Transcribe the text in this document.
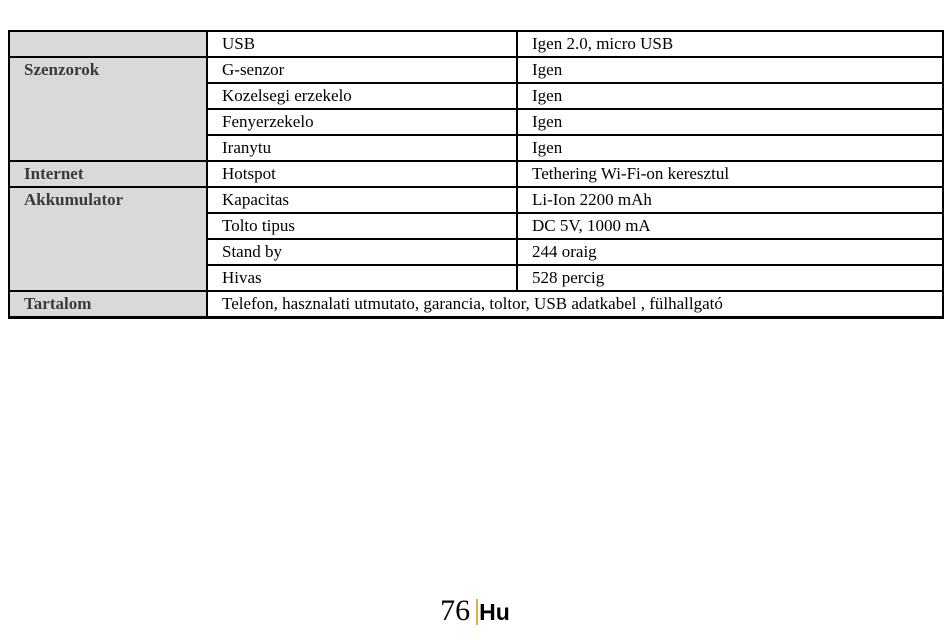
	USB	Igen 2.0, micro USB
Szenzorok	G-senzor	Igen
	Kozelsegi erzekelo	Igen
	Fenyerzekelo	Igen
	Iranytu	Igen
Internet	Hotspot	Tethering Wi-Fi-on keresztul
Akkumulator	Kapacitas	Li-Ion 2200 mAh
	Tolto tipus	DC 5V, 1000 mA
	Stand by	244 oraig
	Hivas	528 percig
Tartalom	Telefon, hasznalati utmutato, garancia, toltor, USB adatkabel , fülhallgató	
76 Hu
